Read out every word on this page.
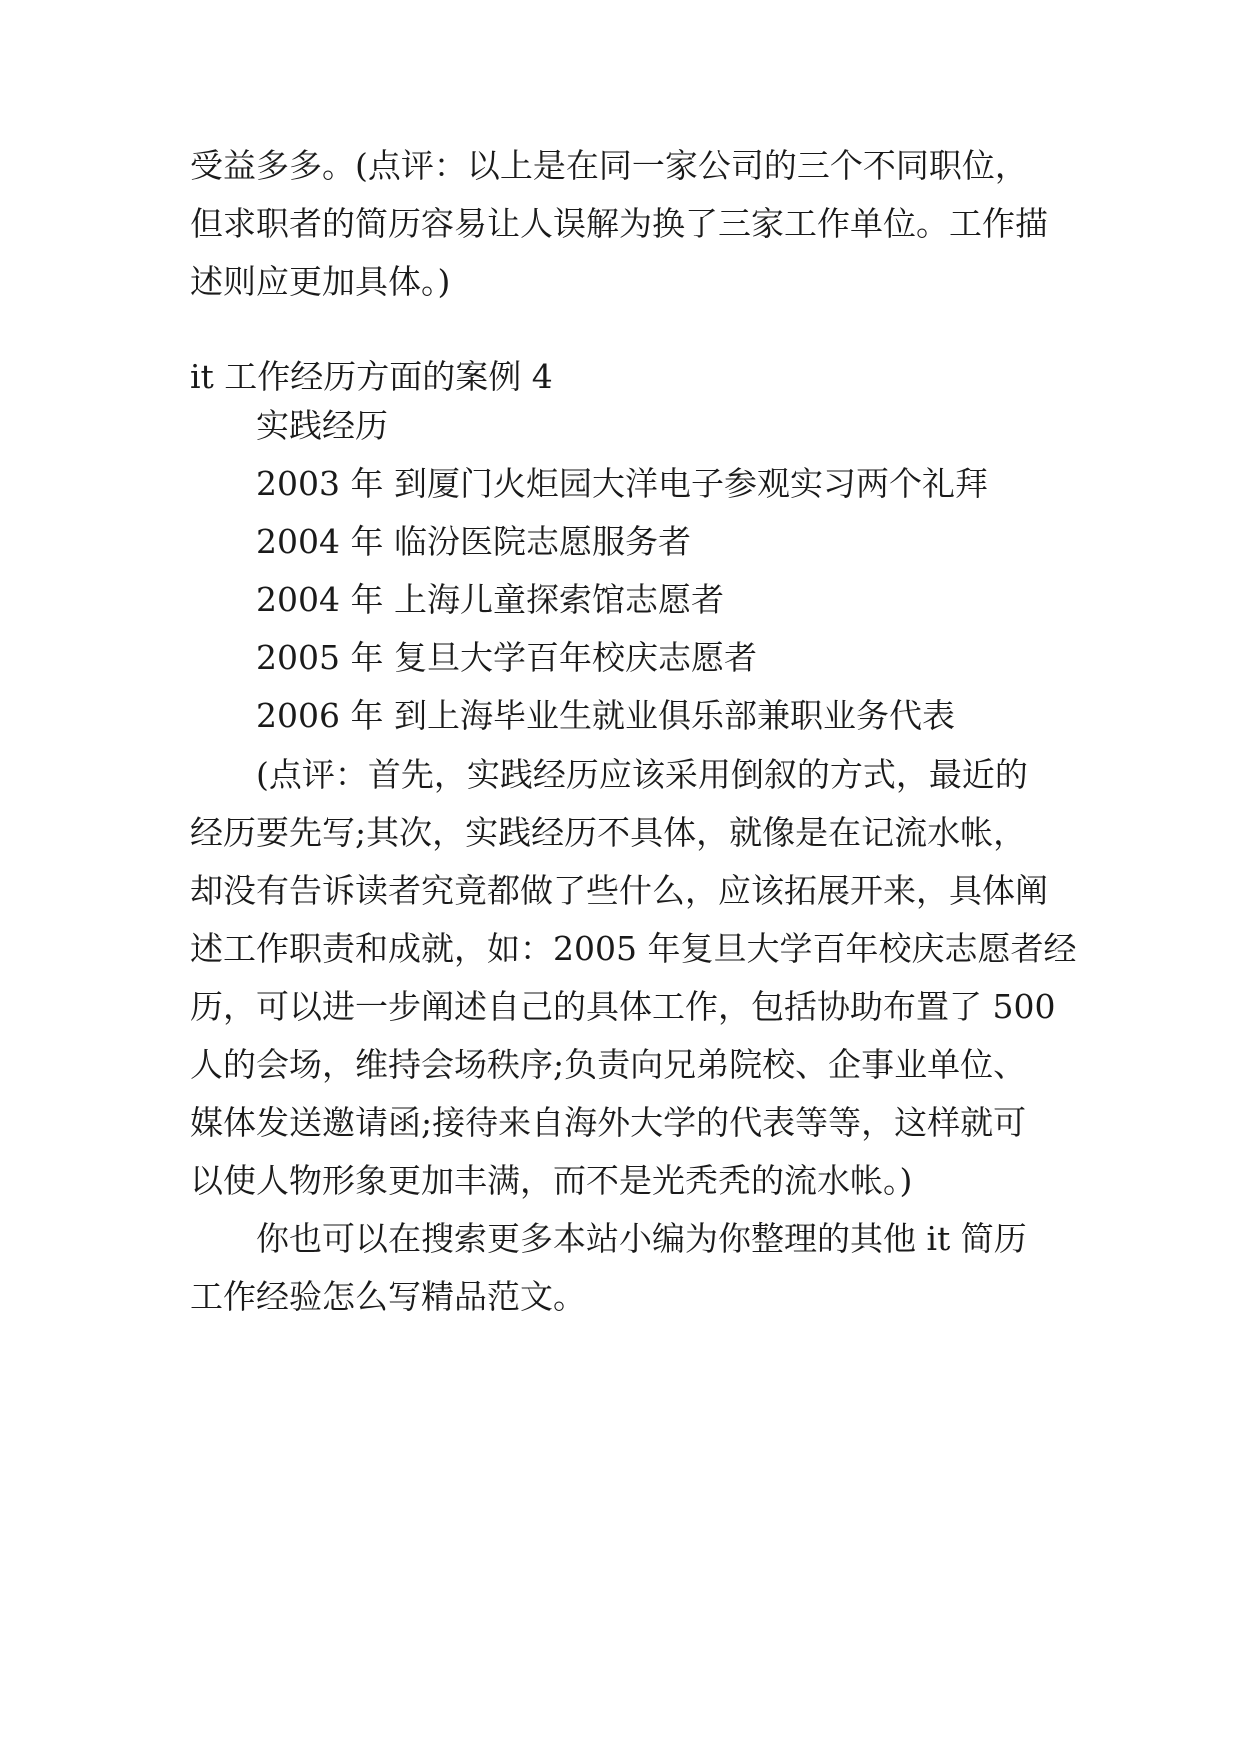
受益多多。(点评：以上是在同一家公司的三个不同职位，
但求职者的简历容易让人误解为换了三家工作单位。工作描
述则应更加具体。)
it 工作经历方面的案例 4
实践经历
2003 年 到厦门火炬园大洋电子参观实习两个礼拜
2004 年 临汾医院志愿服务者
2004 年 上海儿童探索馆志愿者
2005 年 复旦大学百年校庆志愿者
2006 年 到上海毕业生就业俱乐部兼职业务代表
　　(点评：首先，实践经历应该采用倒叙的方式，最近的
经历要先写;其次，实践经历不具体，就像是在记流水帐，
却没有告诉读者究竟都做了些什么，应该拓展开来，具体阐
述工作职责和成就，如：2005 年复旦大学百年校庆志愿者经
历，可以进一步阐述自己的具体工作，包括协助布置了 500
人的会场，维持会场秩序;负责向兄弟院校、企事业单位、
媒体发送邀请函;接待来自海外大学的代表等等，这样就可
以使人物形象更加丰满，而不是光秃秃的流水帐。)
　　你也可以在搜索更多本站小编为你整理的其他 it 简历
工作经验怎么写精品范文。
